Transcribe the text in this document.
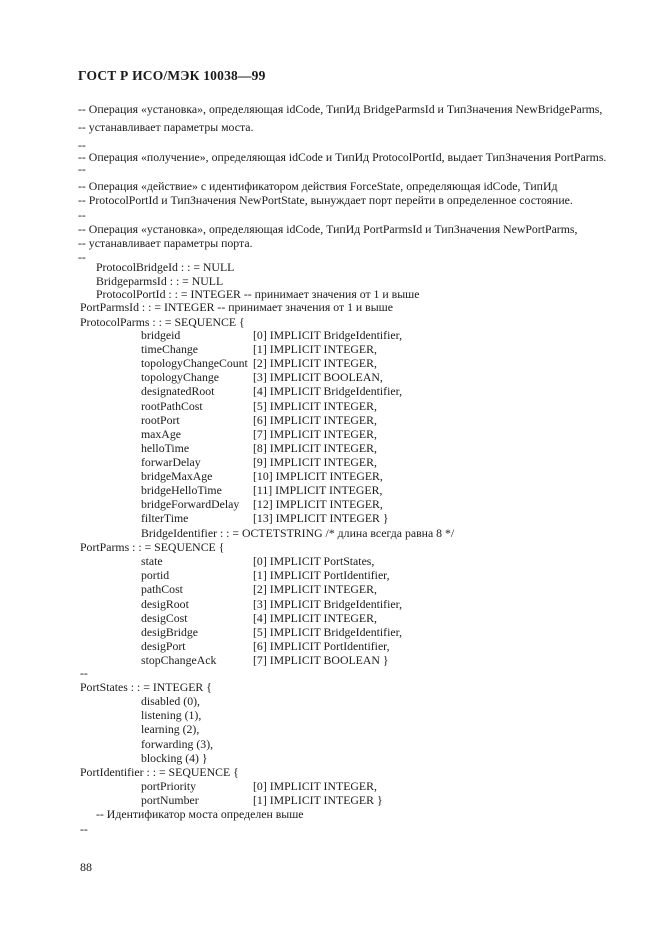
ГОСТ Р ИСО/МЭК 10038—99
-- Операция «установка», определяющая idCode, ТипИд BridgeParmsId и ТипЗначения NewBridgeParms,
-- устанавливает параметры моста.
--
-- Операция «получение», определяющая idCode и ТипИд ProtocolPortId, выдает ТипЗначения PortParms.
--
-- Операция «действие» с идентификатором действия ForceState, определяющая idCode, ТипИд
-- ProtocolPortId и ТипЗначения NewPortState, вынуждает порт перейти в определенное состояние.
--
-- Операция «установка», определяющая idCode, ТипИд PortParmsId и ТипЗначения NewPortParms,
-- устанавливает параметры порта.
--
ProtocolBridgeId : : = NULL
BridgeparmsId : : = NULL
ProtocolPortId : : = INTEGER -- принимает значения от 1 и выше
PortParmsId : : = INTEGER -- принимает значения от 1 и выше
ProtocolParms : : = SEQUENCE {
bridgeid	[0] IMPLICIT BridgeIdentifier,
timeChange	[1] IMPLICIT INTEGER,
topologyChangeCount [2] IMPLICIT INTEGER,
topologyChange	[3] IMPLICIT BOOLEAN,
designatedRoot	[4] IMPLICIT BridgeIdentifier,
rootPathCost	[5] IMPLICIT INTEGER,
rootPort	[6] IMPLICIT INTEGER,
maxAge	[7] IMPLICIT INTEGER,
helloTime	[8] IMPLICIT INTEGER,
forwarDelay	[9] IMPLICIT INTEGER,
bridgeMaxAge	[10] IMPLICIT INTEGER,
bridgeHelloTime	[11] IMPLICIT INTEGER,
bridgeForwardDelay [12] IMPLICIT INTEGER,
filterTime	[13] IMPLICIT INTEGER }
BridgeIdentifier : : = OCTETSTRING /* длина всегда равна 8 */
PortParms : : = SEQUENCE {
state	[0] IMPLICIT PortStates,
portid	[1] IMPLICIT PortIdentifier,
pathCost	[2] IMPLICIT INTEGER,
desigRoot	[3] IMPLICIT BridgeIdentifier,
desigCost	[4] IMPLICIT INTEGER,
desigBridge	[5] IMPLICIT BridgeIdentifier,
desigPort	[6] IMPLICIT PortIdentifier,
stopChangeAck	[7] IMPLICIT BOOLEAN }
--
PortStates : : = INTEGER {
disabled (0),
listening (1),
learning (2),
forwarding (3),
blocking (4) }
PortIdentifier : : = SEQUENCE {
portPriority	[0] IMPLICIT INTEGER,
portNumber	[1] IMPLICIT INTEGER }
-- Идентификатор моста определен выше
--
88
